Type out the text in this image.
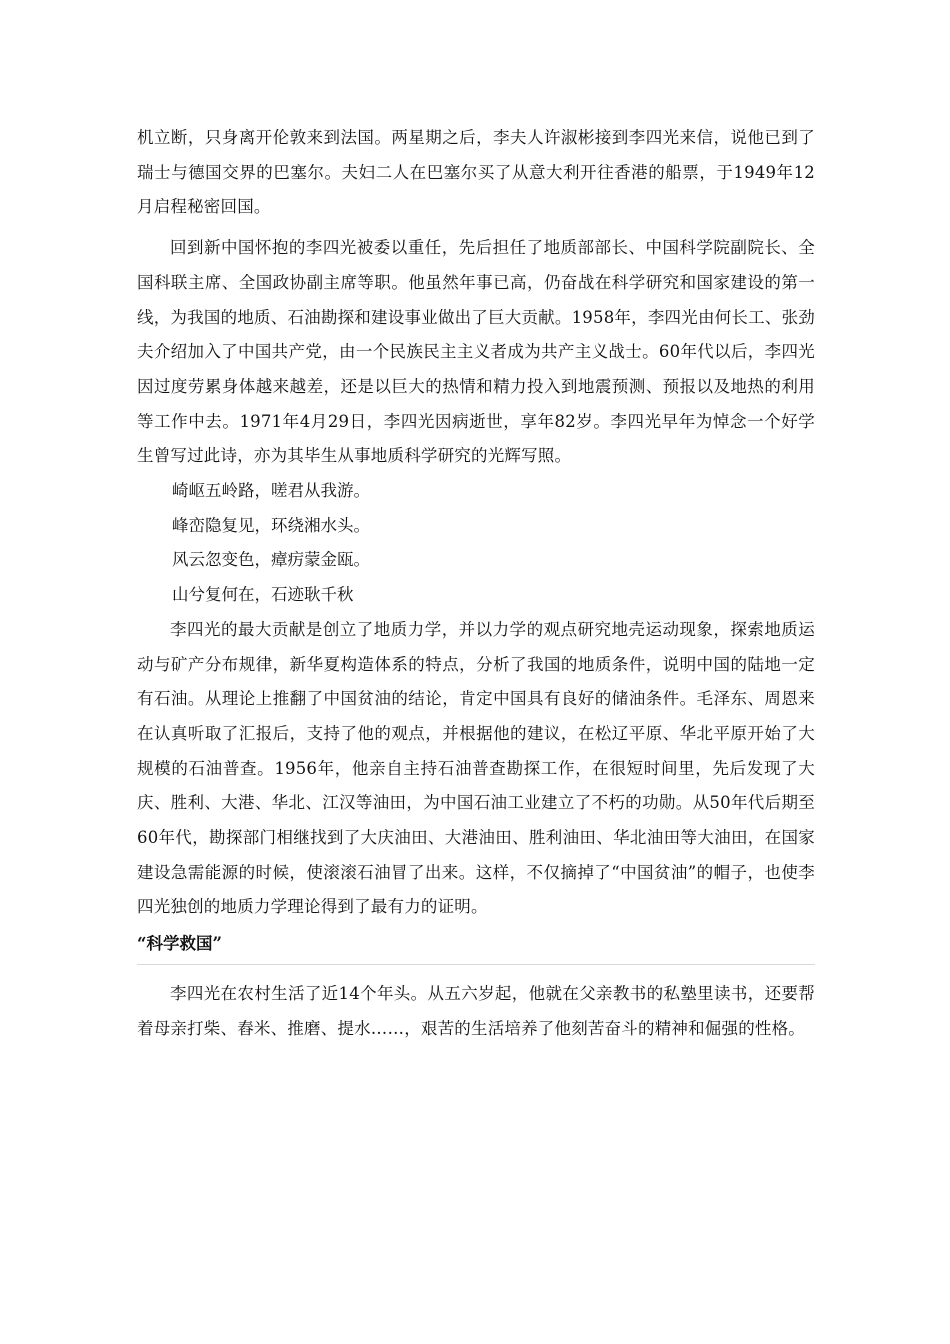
机立断，只身离开伦敦来到法国。两星期之后，李夫人许淑彬接到李四光来信，说他已到了瑞士与德国交界的巴塞尔。夫妇二人在巴塞尔买了从意大利开往香港的船票，于1949年12月启程秘密回国。

回到新中国怀抱的李四光被委以重任，先后担任了地质部部长、中国科学院副院长、全国科联主席、全国政协副主席等职。他虽然年事已高，仍奋战在科学研究和国家建设的第一线，为我国的地质、石油勘探和建设事业做出了巨大贡献。1958年，李四光由何长工、张劲夫介绍加入了中国共产党，由一个民族民主主义者成为共产主义战士。60年代以后，李四光因过度劳累身体越来越差，还是以巨大的热情和精力投入到地震预测、预报以及地热的利用等工作中去。1971年4月29日，李四光因病逝世，享年82岁。李四光早年为悼念一个好学生曾写过此诗，亦为其毕生从事地质科学研究的光辉写照。

崎岖五岭路，嗟君从我游。

峰峦隐复见，环绕湘水头。

风云忽变色，瘴疠蒙金瓯。

山兮复何在，石迹耿千秋

李四光的最大贡献是创立了地质力学，并以力学的观点研究地壳运动现象，探索地质运动与矿产分布规律，新华夏构造体系的特点，分析了我国的地质条件，说明中国的陆地一定有石油。从理论上推翻了中国贫油的结论，肯定中国具有良好的储油条件。毛泽东、周恩来在认真听取了汇报后，支持了他的观点，并根据他的建议，在松辽平原、华北平原开始了大规模的石油普查。1956年，他亲自主持石油普查勘探工作，在很短时间里，先后发现了大庆、胜利、大港、华北、江汉等油田，为中国石油工业建立了不朽的功勋。从50年代后期至60年代，勘探部门相继找到了大庆油田、大港油田、胜利油田、华北油田等大油田，在国家建设急需能源的时候，使滚滚石油冒了出来。这样，不仅摘掉了“中国贫油”的帽子，也使李四光独创的地质力学理论得到了最有力的证明。

“科学救国”

李四光在农村生活了近14个年头。从五六岁起，他就在父亲教书的私塾里读书，还要帮着母亲打柴、舂米、推磨、提水……，艰苦的生活培养了他刻苦奋斗的精神和倔强的性格。
